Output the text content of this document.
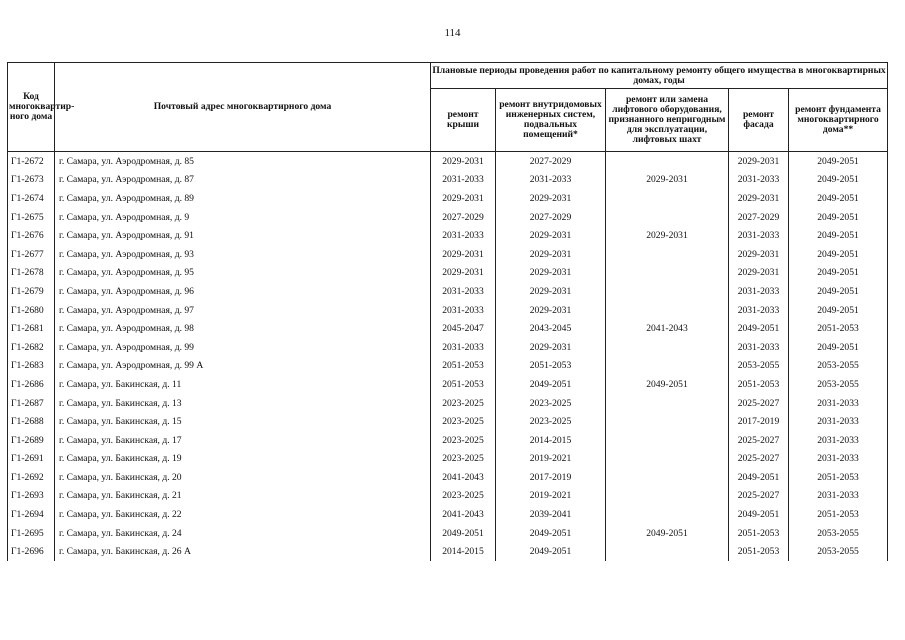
114
Код многоквартир-ного дома	Почтовый адрес многоквартирного дома	Плановые периоды проведения работ по капитальному ремонту общего имущества в многоквартирных домах, годы				
		ремонт крыши	ремонт внутридомовых инженерных систем, подвальных помещений*	ремонт или замена лифтового оборудования, признанного непригодным для эксплуатации, лифтовых шахт	ремонт фасада	ремонт фундамента многоквартирного дома**
Г1-2672	г. Самара, ул. Аэродромная, д. 85	2029-2031	2027-2029		2029-2031	2049-2051
Г1-2673	г. Самара, ул. Аэродромная, д. 87	2031-2033	2031-2033	2029-2031	2031-2033	2049-2051
Г1-2674	г. Самара, ул. Аэродромная, д. 89	2029-2031	2029-2031		2029-2031	2049-2051
Г1-2675	г. Самара, ул. Аэродромная, д. 9	2027-2029	2027-2029		2027-2029	2049-2051
Г1-2676	г. Самара, ул. Аэродромная, д. 91	2031-2033	2029-2031	2029-2031	2031-2033	2049-2051
Г1-2677	г. Самара, ул. Аэродромная, д. 93	2029-2031	2029-2031		2029-2031	2049-2051
Г1-2678	г. Самара, ул. Аэродромная, д. 95	2029-2031	2029-2031		2029-2031	2049-2051
Г1-2679	г. Самара, ул. Аэродромная, д. 96	2031-2033	2029-2031		2031-2033	2049-2051
Г1-2680	г. Самара, ул. Аэродромная, д. 97	2031-2033	2029-2031		2031-2033	2049-2051
Г1-2681	г. Самара, ул. Аэродромная, д. 98	2045-2047	2043-2045	2041-2043	2049-2051	2051-2053
Г1-2682	г. Самара, ул. Аэродромная, д. 99	2031-2033	2029-2031		2031-2033	2049-2051
Г1-2683	г. Самара, ул. Аэродромная, д. 99 А	2051-2053	2051-2053		2053-2055	2053-2055
Г1-2686	г. Самара, ул. Бакинская, д. 11	2051-2053	2049-2051	2049-2051	2051-2053	2053-2055
Г1-2687	г. Самара, ул. Бакинская, д. 13	2023-2025	2023-2025		2025-2027	2031-2033
Г1-2688	г. Самара, ул. Бакинская, д. 15	2023-2025	2023-2025		2017-2019	2031-2033
Г1-2689	г. Самара, ул. Бакинская, д. 17	2023-2025	2014-2015		2025-2027	2031-2033
Г1-2691	г. Самара, ул. Бакинская, д. 19	2023-2025	2019-2021		2025-2027	2031-2033
Г1-2692	г. Самара, ул. Бакинская, д. 20	2041-2043	2017-2019		2049-2051	2051-2053
Г1-2693	г. Самара, ул. Бакинская, д. 21	2023-2025	2019-2021		2025-2027	2031-2033
Г1-2694	г. Самара, ул. Бакинская, д. 22	2041-2043	2039-2041		2049-2051	2051-2053
Г1-2695	г. Самара, ул. Бакинская, д. 24	2049-2051	2049-2051	2049-2051	2051-2053	2053-2055
Г1-2696	г. Самара, ул. Бакинская, д. 26 А	2014-2015	2049-2051		2051-2053	2053-2055
